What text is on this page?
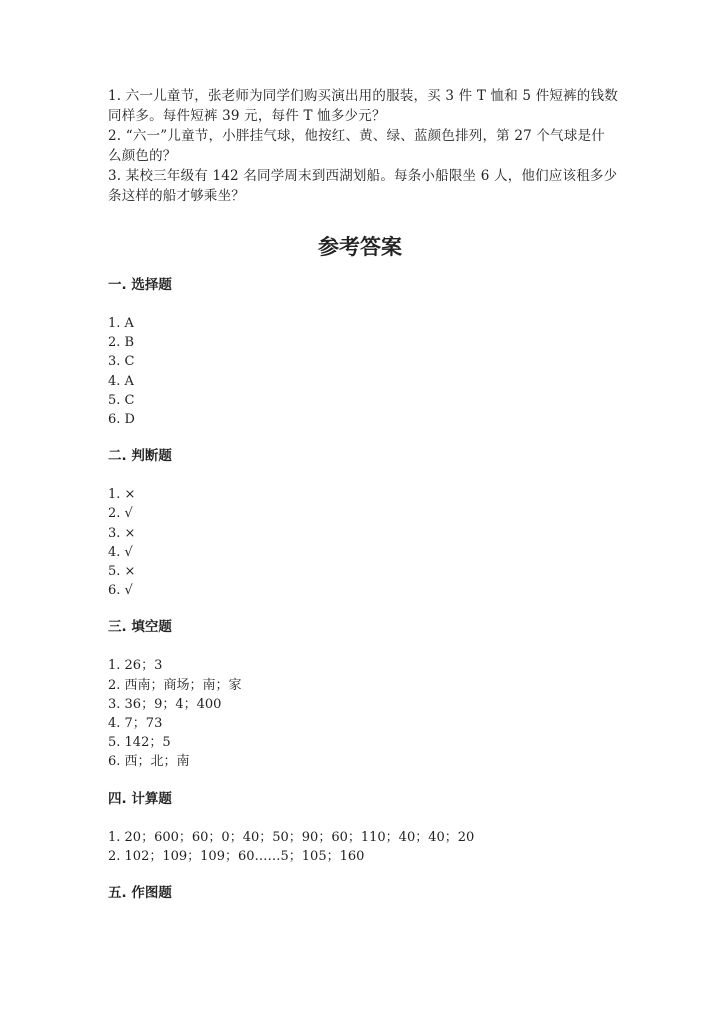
1. 六一儿童节，张老师为同学们购买演出用的服装，买 3 件 T 恤和 5 件短裤的钱数同样多。每件短裤 39 元，每件 T 恤多少元？

2. “六一”儿童节，小胖挂气球，他按红、黄、绿、蓝颜色排列，第 27 个气球是什么颜色的？

3. 某校三年级有 142 名同学周末到西湖划船。每条小船限坐 6 人，他们应该租多少条这样的船才够乘坐？

参考答案

一. 选择题

1. A
2. B
3. C
4. A
5. C
6. D

二. 判断题

1. ×
2. √
3. ×
4. √
5. ×
6. √

三. 填空题

1. 26；3
2. 西南；商场；南；家
3. 36；9；4；400
4. 7；73
5. 142；5
6. 西；北；南

四. 计算题

1. 20；600；60；0；40；50；90；60；110；40；40；20
2. 102；109；109；60……5；105；160

五. 作图题
